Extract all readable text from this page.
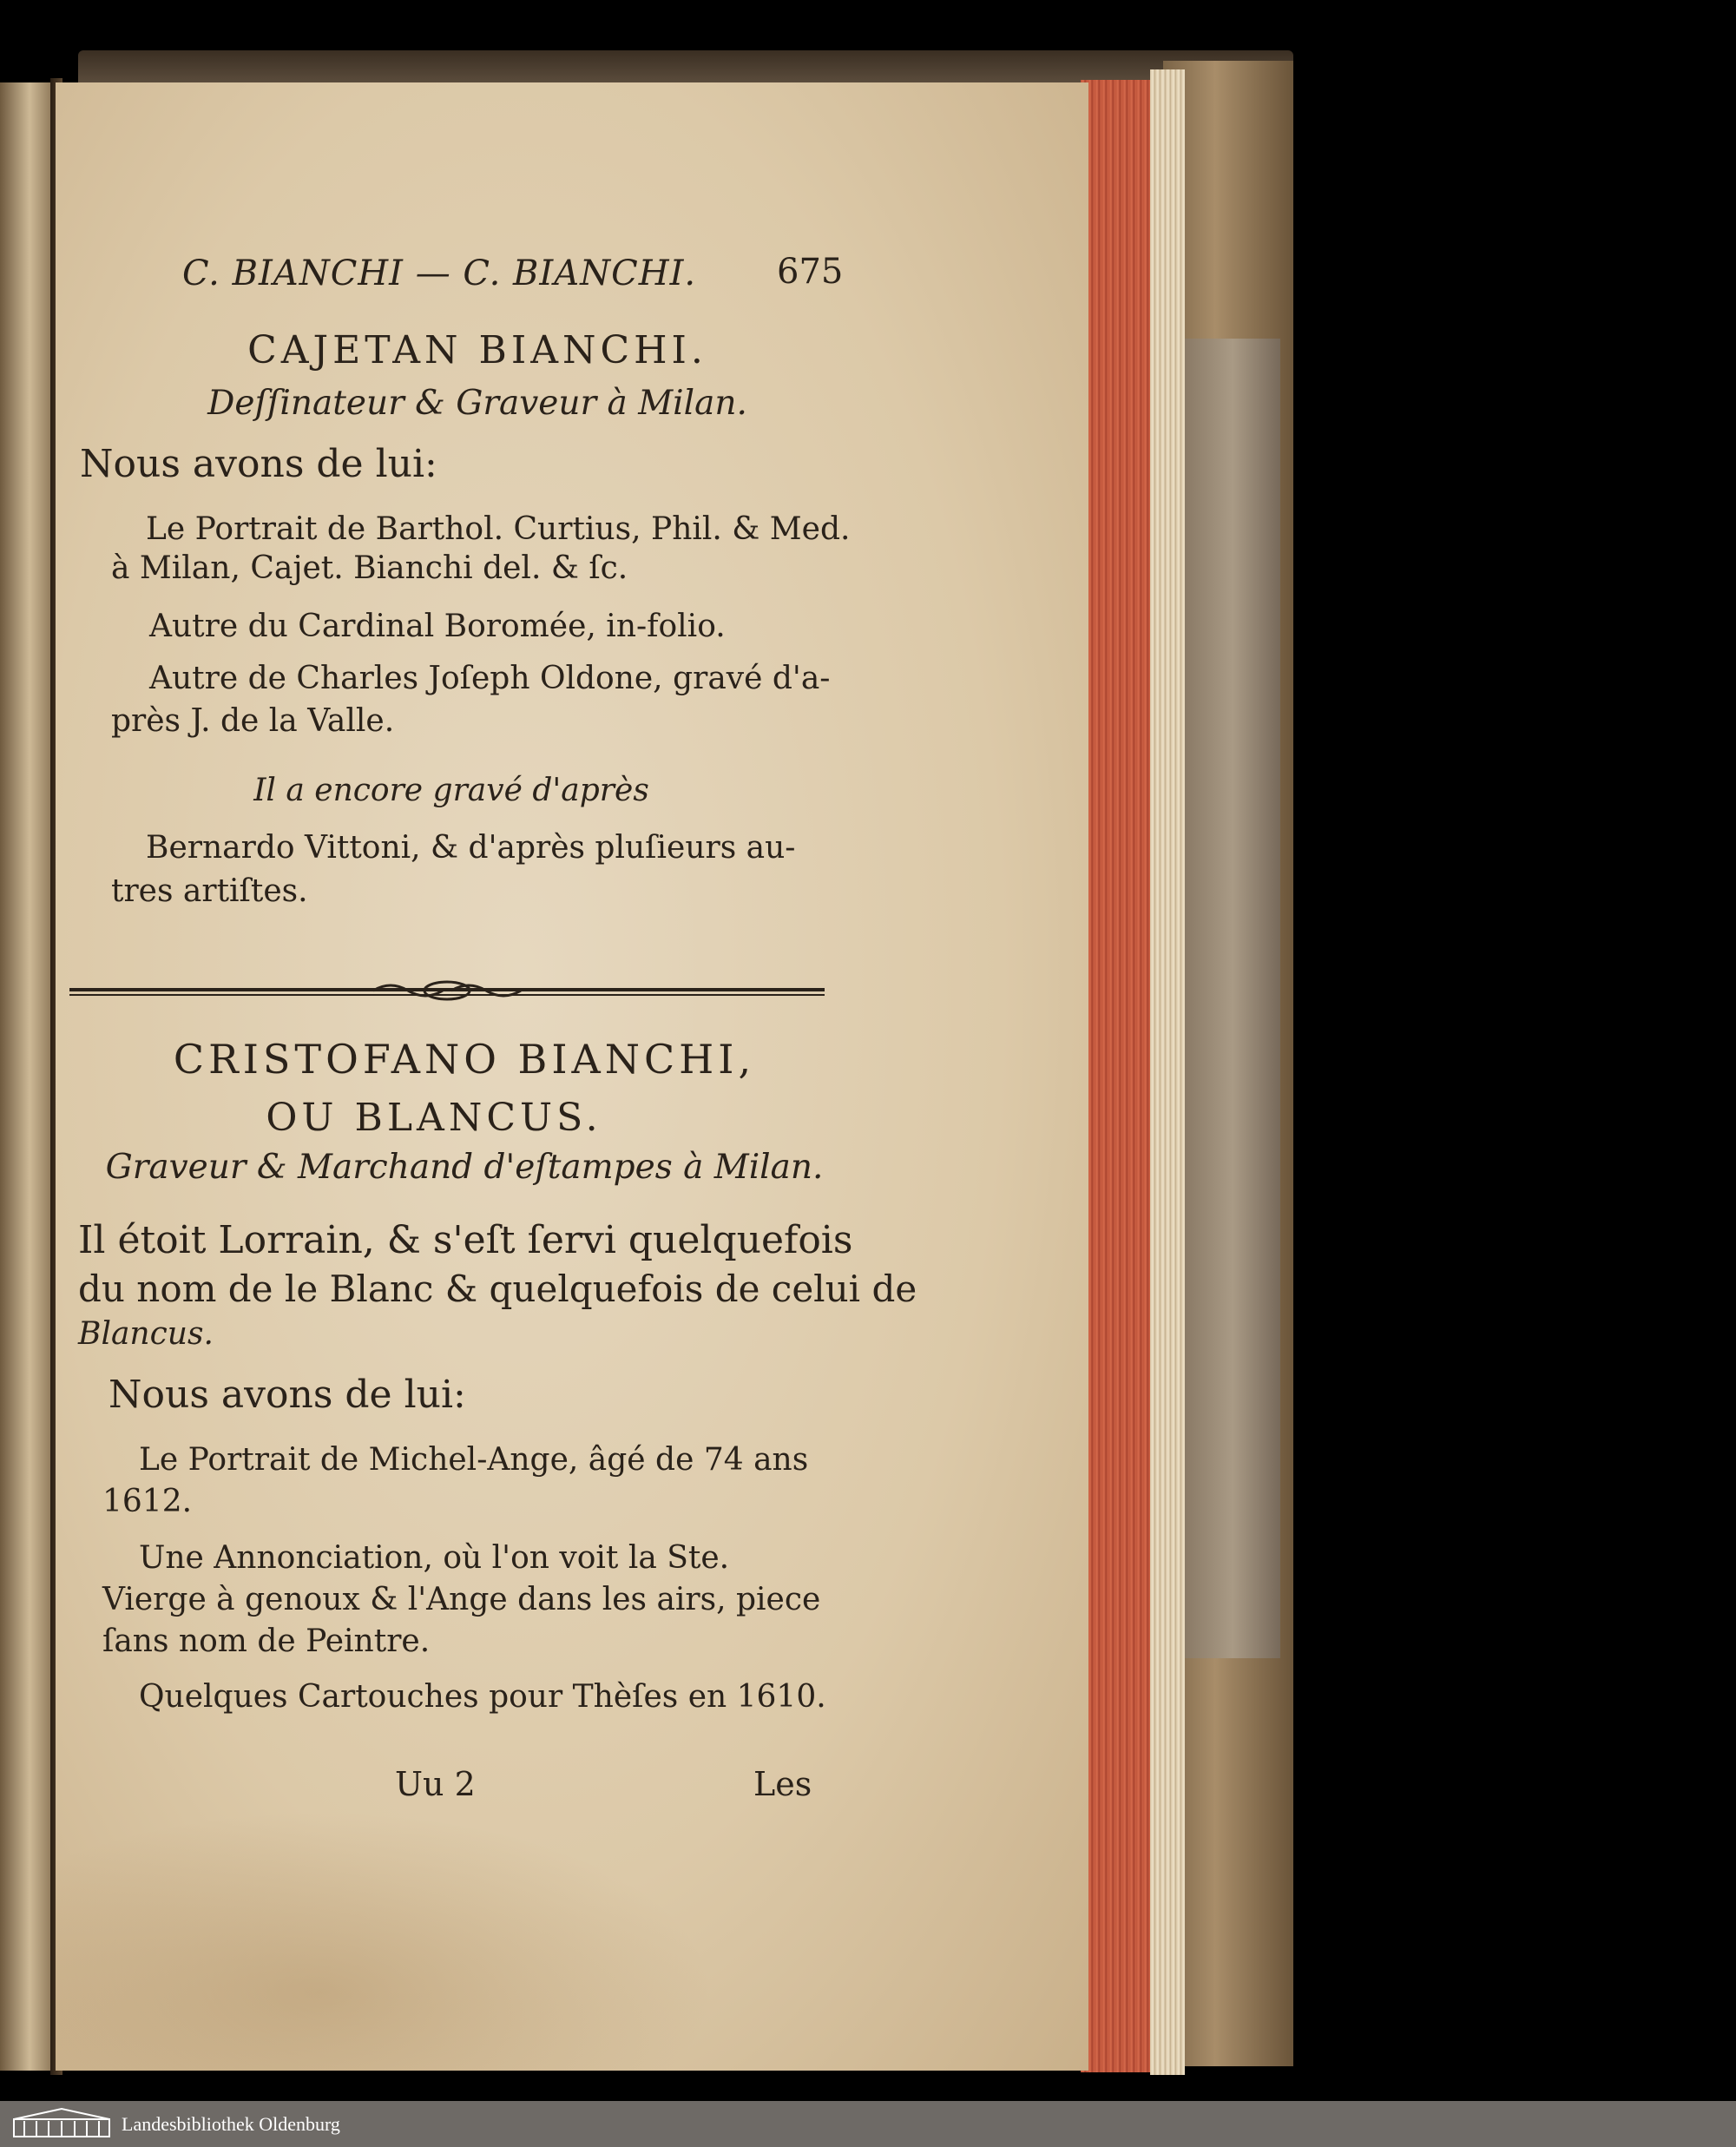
C. BIANCHI — C. BIANCHI. 675
CAJETAN BIANCHI.
Deſſinateur & Graveur à Milan.
Nous avons de lui:
Le Portrait de Barthol. Curtius, Phil. & Med.
à Milan, Cajet. Bianchi del. & ſc.
Autre du Cardinal Boromée, in-folio.
Autre de Charles Joſeph Oldone, gravé d'a-
près J. de la Valle.
Il a encore gravé d'après
Bernardo Vittoni, & d'après pluſieurs au-
tres artiſtes.
CRISTOFANO BIANCHI,
OU BLANCUS.
Graveur & Marchand d'eſtampes à Milan.
Il étoit Lorrain, & s'eſt ſervi quelquefois
du nom de le Blanc & quelquefois de celui de
Blancus.
Nous avons de lui:
Le Portrait de Michel-Ange, âgé de 74 ans
1612.
Une Annonciation, où l'on voit la Ste.
Vierge à genoux & l'Ange dans les airs, piece
ſans nom de Peintre.
Quelques Cartouches pour Thèſes en 1610.
Uu 2	Les
Landesbibliothek Oldenburg
